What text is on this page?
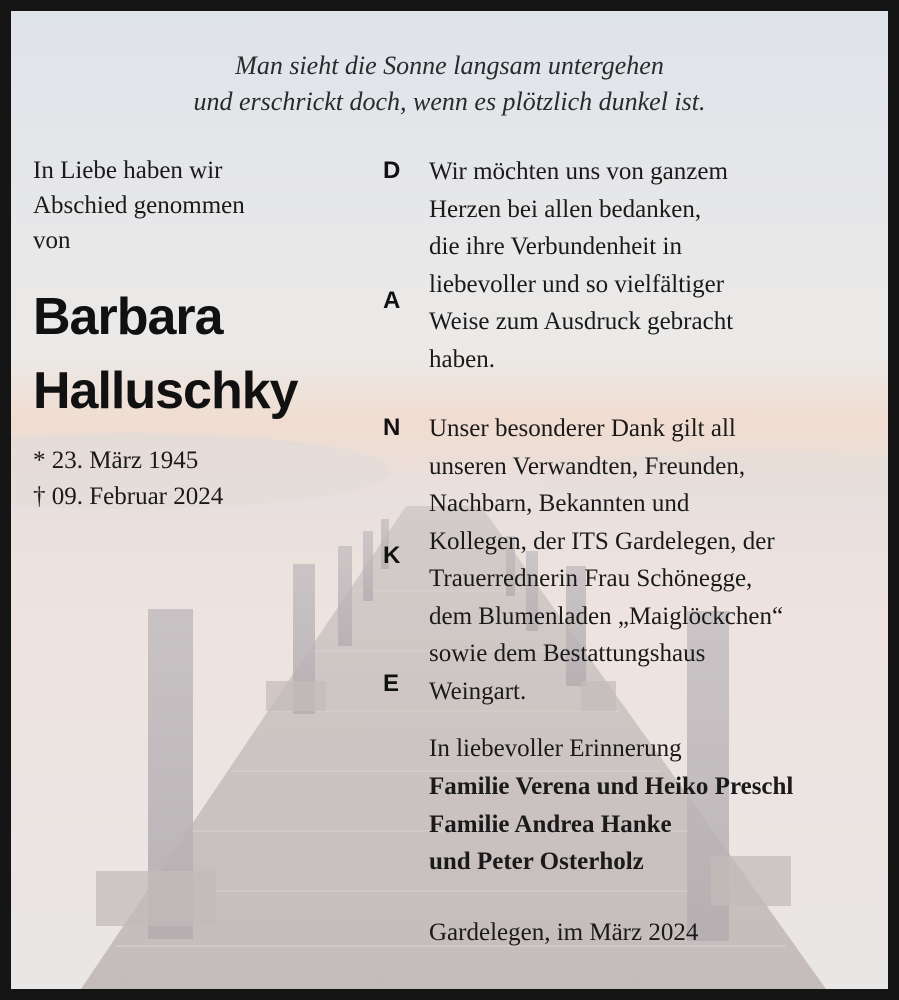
Man sieht die Sonne langsam untergehen
und erschrickt doch, wenn es plötzlich dunkel ist.
In Liebe haben wir
Abschied genommen
von
Barbara
Halluschky
* 23. März 1945
† 09. Februar 2024
D
A
N
K
E
Wir möchten uns von ganzem
Herzen bei allen bedanken,
die ihre Verbundenheit in
liebevoller und so vielfältiger
Weise zum Ausdruck gebracht
haben.
Unser besonderer Dank gilt all
unseren Verwandten, Freunden,
Nachbarn, Bekannten und
Kollegen, der ITS Gardelegen, der
Trauerrednerin Frau Schönegge,
dem Blumenladen „Maiglöckchen“
sowie dem Bestattungshaus
Weingart.
In liebevoller Erinnerung
Familie Verena und Heiko Preschl
Familie Andrea Hanke
und Peter Osterholz
Gardelegen, im März 2024
